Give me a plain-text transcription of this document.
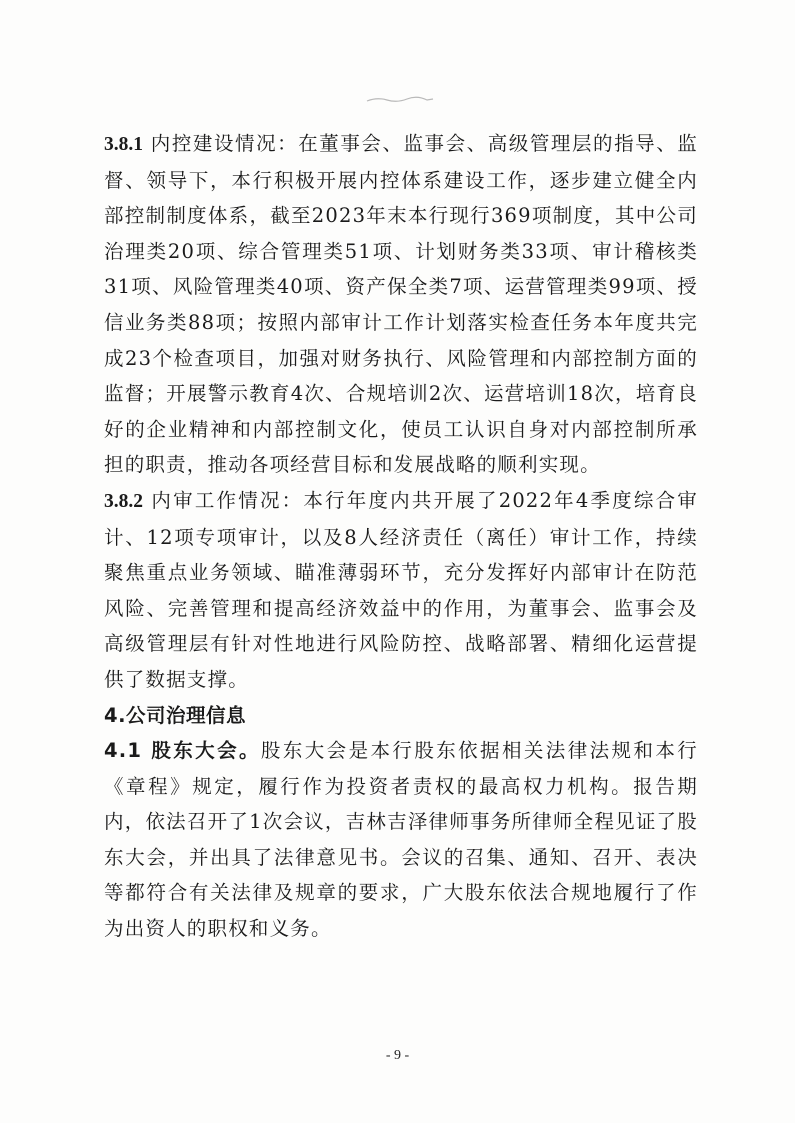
3.8.1 内控建设情况：在董事会、监事会、高级管理层的指导、监督、领导下，本行积极开展内控体系建设工作，逐步建立健全内部控制制度体系，截至2023年末本行现行369项制度，其中公司治理类20项、综合管理类51项、计划财务类33项、审计稽核类31项、风险管理类40项、资产保全类7项、运营管理类99项、授信业务类88项；按照内部审计工作计划落实检查任务本年度共完成23个检查项目，加强对财务执行、风险管理和内部控制方面的监督；开展警示教育4次、合规培训2次、运营培训18次，培育良好的企业精神和内部控制文化，使员工认识自身对内部控制所承担的职责，推动各项经营目标和发展战略的顺利实现。

3.8.2 内审工作情况：本行年度内共开展了2022年4季度综合审计、12项专项审计，以及8人经济责任（离任）审计工作，持续聚焦重点业务领域、瞄准薄弱环节，充分发挥好内部审计在防范风险、完善管理和提高经济效益中的作用，为董事会、监事会及高级管理层有针对性地进行风险防控、战略部署、精细化运营提供了数据支撑。

4.公司治理信息

4.1 股东大会。股东大会是本行股东依据相关法律法规和本行《章程》规定，履行作为投资者责权的最高权力机构。报告期内，依法召开了1次会议，吉林吉泽律师事务所律师全程见证了股东大会，并出具了法律意见书。会议的召集、通知、召开、表决等都符合有关法律及规章的要求，广大股东依法合规地履行了作为出资人的职权和义务。

- 9 -
